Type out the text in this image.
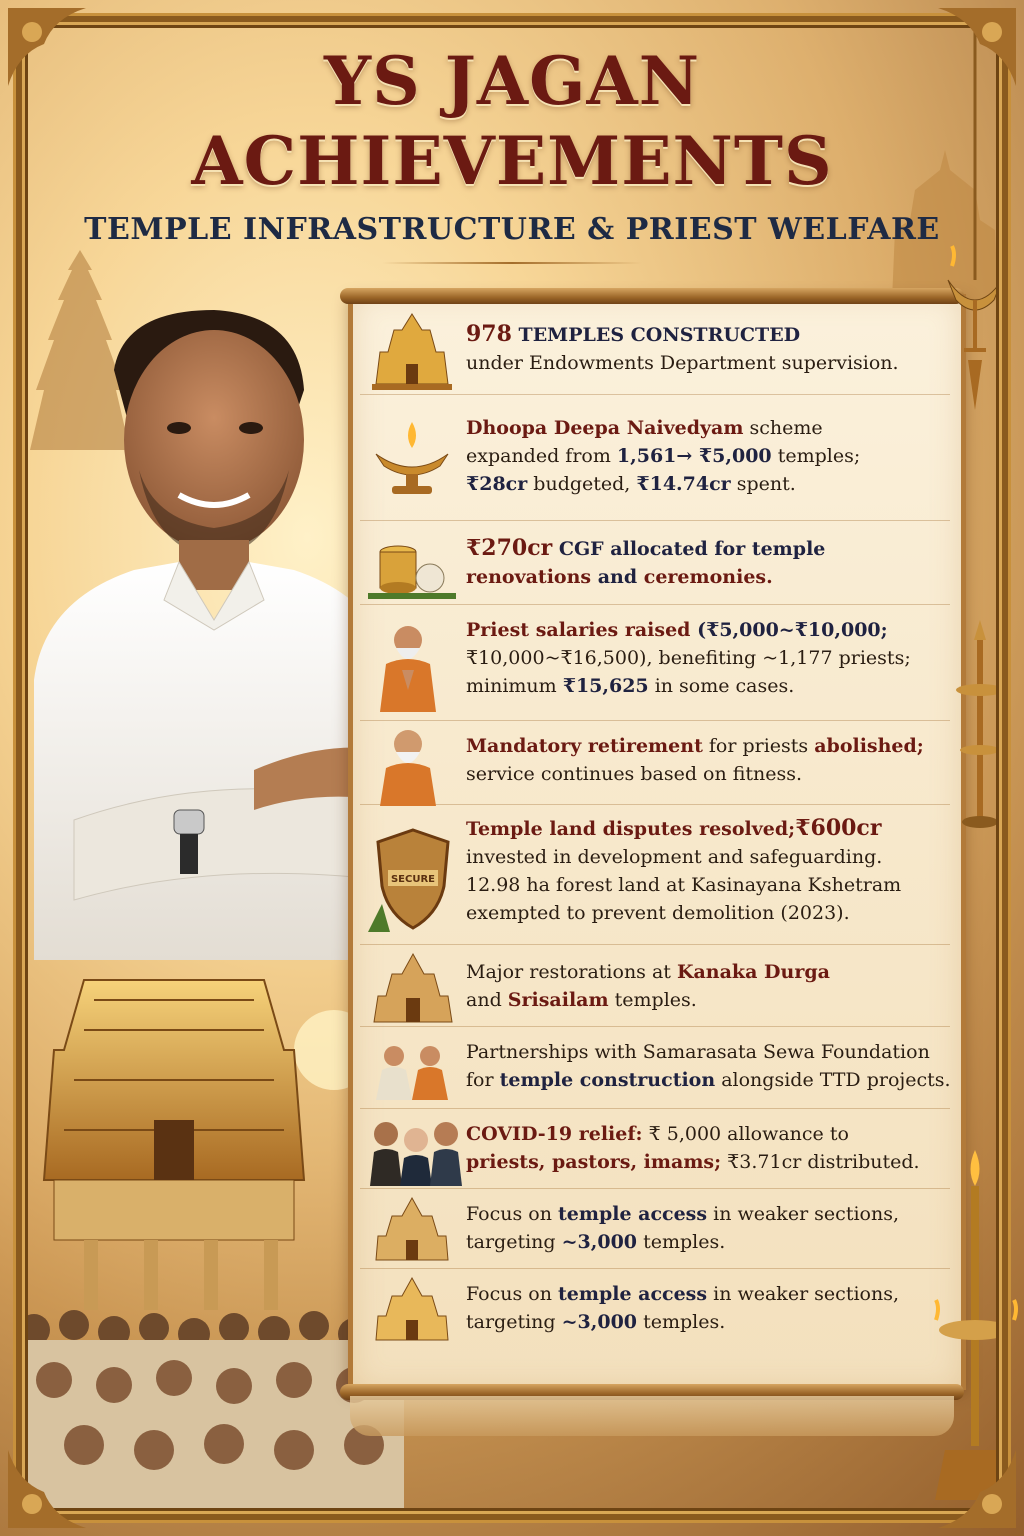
YS JAGAN
ACHIEVEMENTS
TEMPLE INFRASTRUCTURE & PRIEST WELFARE
978 TEMPLES CONSTRUCTED
under Endowments Department supervision.
Dhoopa Deepa Naivedyam scheme
expanded from 1,561→ ₹5,000 temples;
₹28cr budgeted, ₹14.74cr spent.
₹270cr CGF allocated for temple
renovations and ceremonies.
Priest salaries raised (₹5,000~₹10,000;
₹10,000~₹16,500), benefiting ~1,177 priests;
minimum ₹15,625 in some cases.
Mandatory retirement for priests abolished;
service continues based on fitness.
SECURE
Temple land disputes resolved;₹600cr
invested in development and safeguarding.
12.98 ha forest land at Kasinayana Kshetram
exempted to prevent demolition (2023).
Major restorations at Kanaka Durga
and Srisailam temples.
Partnerships with Samarasata Sewa Foundation
for temple construction alongside TTD projects.
COVID-19 relief: ₹ 5,000 allowance to
priests, pastors, imams; ₹3.71cr distributed.
Focus on temple access in weaker sections,
targeting ~3,000 temples.
Focus on temple access in weaker sections,
targeting ~3,000 temples.
